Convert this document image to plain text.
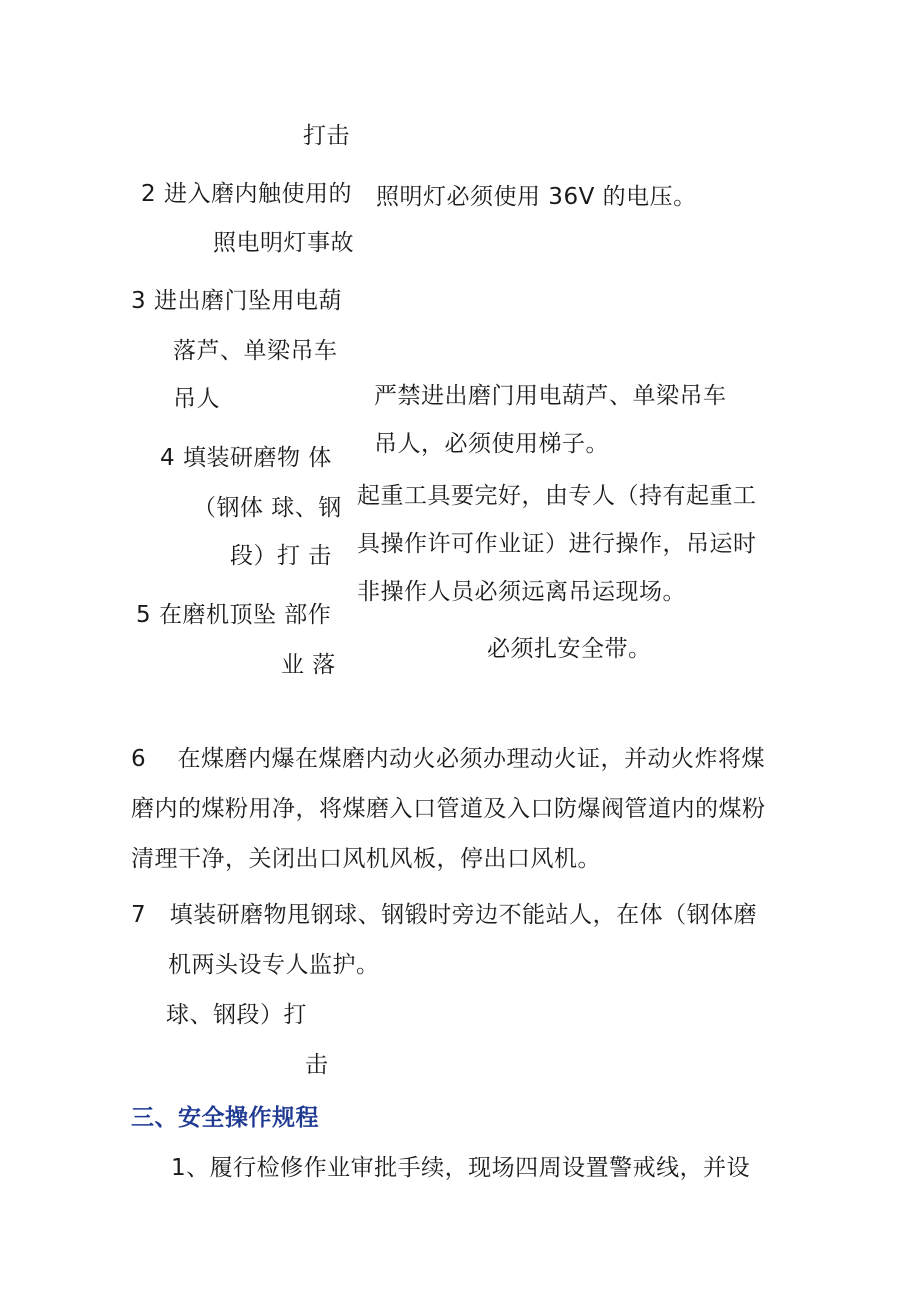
打击
2 进入磨内触使用的 照明灯必须使用 36V 的电压。
照电明灯事故
3 进出磨门坠用电葫
落芦、单梁吊车
吊人	严禁进出磨门用电葫芦、单梁吊车
吊人，必须使用梯子。
4 填装研磨物 体
（钢体 球、钢 起重工具要完好，由专人（持有起重工
段）打 击 具操作许可作业证）进行操作，吊运时
非操作人员必须远离吊运现场。
5 在磨机顶坠 部作
必须扎安全带。
业 落
6　 在煤磨内爆在煤磨内动火必须办理动火证，并动火炸将煤
磨内的煤粉用净，将煤磨入口管道及入口防爆阀管道内的煤粉
清理干净，关闭出口风机风板，停出口风机。
7　填装研磨物甩钢球、钢锻时旁边不能站人，在体（钢体磨
机两头设专人监护。
球、钢段）打
击
三、安全操作规程
1、履行检修作业审批手续，现场四周设置警戒线，并设
